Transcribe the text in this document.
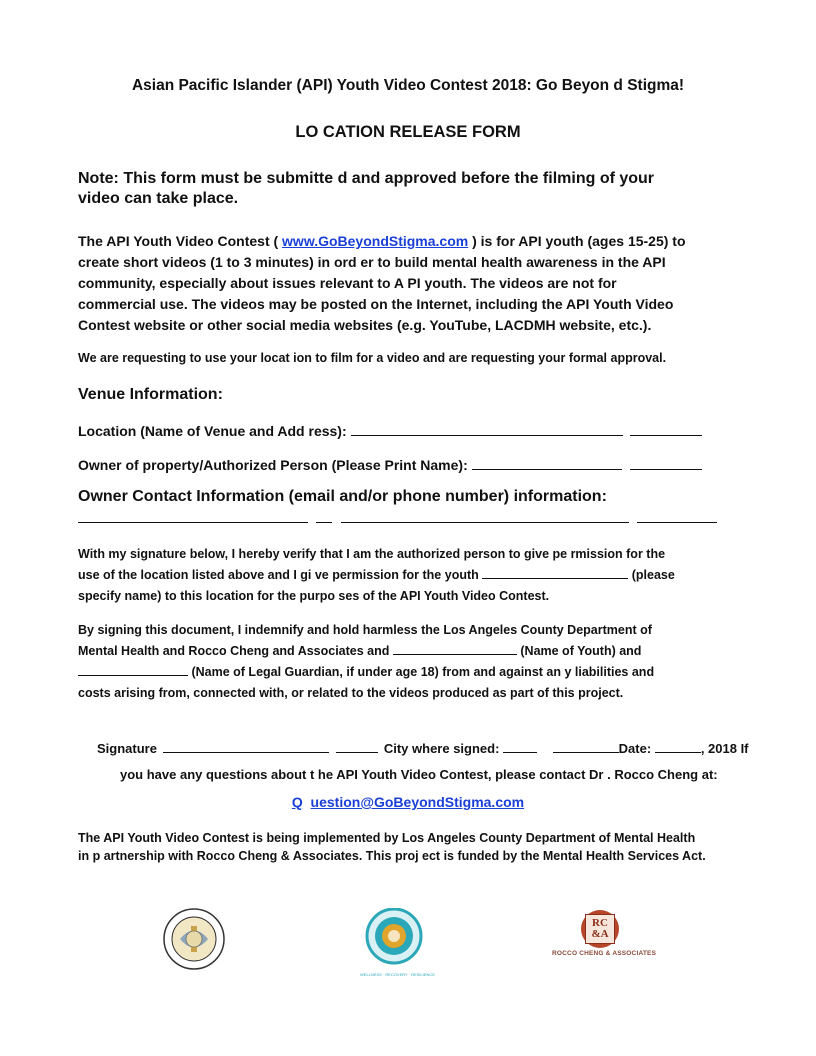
Asian Pacific Islander (API) Youth Video Contest 2018: Go Beyon d Stigma!
LO CATION RELEASE FORM
Note: This form must be submitte d and approved before the filming of your
video can take place.
The API Youth Video Contest ( www.GoBeyondStigma.com ) is for API youth (ages 15-25) to
create short videos (1 to 3 minutes) in ord er to build mental health awareness in the API
community, especially about issues relevant to A PI youth. The videos are not for
commercial use. The videos may be posted on the Internet, including the API Youth Video
Contest website or other social media websites (e.g. YouTube, LACDMH website, etc.).
We are requesting to use your locat ion to film for a video and are requesting your formal approval.
Venue Information:
Location (Name of Venue and Add ress):
Owner of property/Authorized Person (Please Print Name):
Owner Contact Information (email and/or phone number) information:

With my signature below, I hereby verify that I am the authorized person to give pe rmission for the
use of the location listed above and I gi ve permission for the youth	(please
specify name) to this location for the purpo ses of the API Youth Video Contest.
By signing this document, I indemnify and hold harmless the Los Angeles County Department of
Mental Health and Rocco Cheng and Associates and	(Name of Youth) and
(Name of Legal Guardian, if under age 18) from and against an y liabilities and
costs arising from, connected with, or related to the videos produced as part of this project.
Signature	City where signed:	Date:	, 2018 If
you have any questions about t he API Youth Video Contest, please contact Dr . Rocco Cheng at:
Q uestion@GoBeyondStigma.com
The API Youth Video Contest is being implemented by Los Angeles County Department of Mental Health
in p artnership with Rocco Cheng & Associates. This proj ect is funded by the Mental Health Services Act.
WELLNESS · RECOVERY · RESILIENCE
RC
&A
ROCCO CHENG & ASSOCIATES
